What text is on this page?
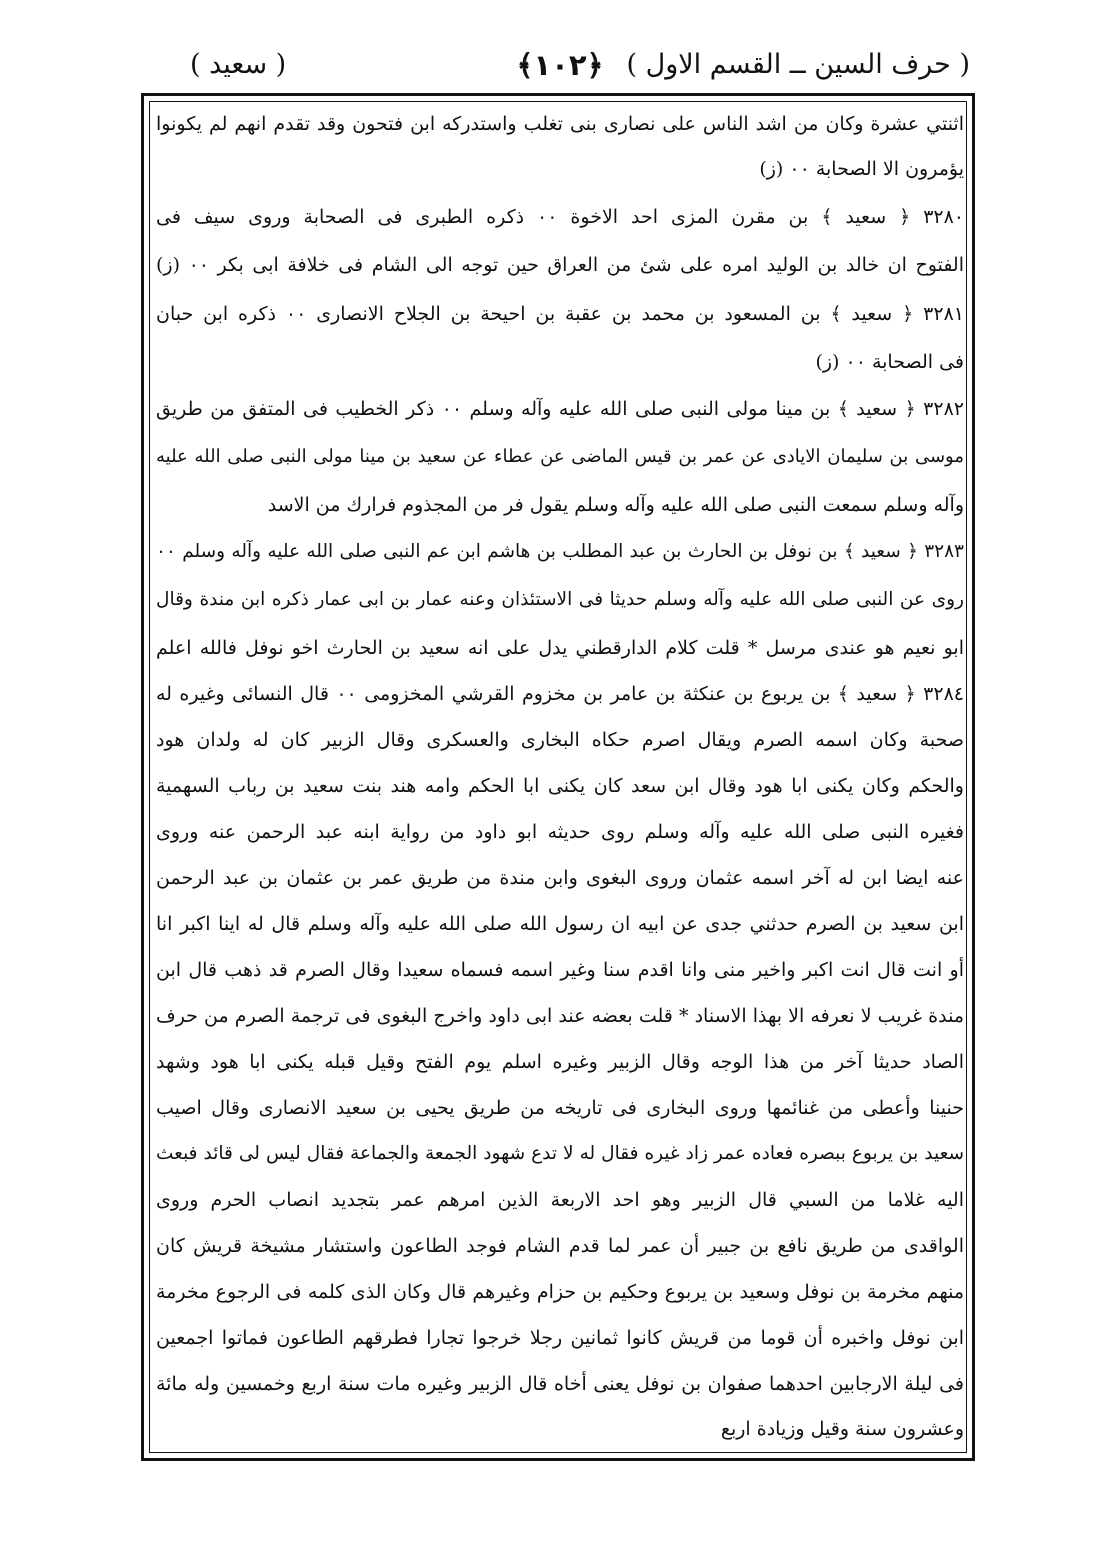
( حرف السين ــ القسم الاول )
﴿١٠٢﴾
( سعيد )
اثنتي عشرة وكان من اشد الناس على نصارى بنى تغلب واستدركه ابن فتحون وقد تقدم انهم لم يكونوا
يؤمرون الا الصحابة ٠٠ (ز)
٣٢٨٠ ﴿ سعيد ﴾ بن مقرن المزى احد الاخوة ٠٠ ذكره الطبرى فى الصحابة وروى سيف فى
الفتوح ان خالد بن الوليد امره على شئ من العراق حين توجه الى الشام فى خلافة ابى بكر ٠٠ (ز)
٣٢٨١ ﴿ سعيد ﴾ بن المسعود بن محمد بن عقبة بن احيحة بن الجلاح الانصارى ٠٠ ذكره ابن حبان
فى الصحابة ٠٠ (ز)
٣٢٨٢ ﴿ سعيد ﴾ بن مينا مولى النبى صلى الله عليه وآله وسلم ٠٠ ذكر الخطيب فى المتفق من طريق
موسى بن سليمان الايادى عن عمر بن قيس الماضى عن عطاء عن سعيد بن مينا مولى النبى صلى الله عليه
وآله وسلم سمعت النبى صلى الله عليه وآله وسلم يقول فر من المجذوم فرارك من الاسد
٣٢٨٣ ﴿ سعيد ﴾ بن نوفل بن الحارث بن عبد المطلب بن هاشم ابن عم النبى صلى الله عليه وآله وسلم ٠٠
روى عن النبى صلى الله عليه وآله وسلم حديثا فى الاستئذان وعنه عمار بن ابى عمار ذكره ابن مندة وقال
ابو نعيم هو عندى مرسل * قلت كلام الدارقطني يدل على انه سعيد بن الحارث اخو نوفل فالله اعلم
٣٢٨٤ ﴿ سعيد ﴾ بن يربوع بن عنكثة بن عامر بن مخزوم القرشي المخزومى ٠٠ قال النسائى وغيره له
صحبة وكان اسمه الصرم ويقال اصرم حكاه البخارى والعسكرى وقال الزبير كان له ولدان هود
والحكم وكان يكنى ابا هود وقال ابن سعد كان يكنى ابا الحكم وامه هند بنت سعيد بن رباب السهمية
فغيره النبى صلى الله عليه وآله وسلم روى حديثه ابو داود من رواية ابنه عبد الرحمن عنه وروى
عنه ايضا ابن له آخر اسمه عثمان وروى البغوى وابن مندة من طريق عمر بن عثمان بن عبد الرحمن
ابن سعيد بن الصرم حدثني جدى عن ابيه ان رسول الله صلى الله عليه وآله وسلم قال له اينا اكبر انا
أو انت قال انت اكبر واخير منى وانا اقدم سنا وغير اسمه فسماه سعيدا وقال الصرم قد ذهب قال ابن
مندة غريب لا نعرفه الا بهذا الاسناد * قلت بعضه عند ابى داود واخرج البغوى فى ترجمة الصرم من حرف
الصاد حديثا آخر من هذا الوجه وقال الزبير وغيره اسلم يوم الفتح وقيل قبله يكنى ابا هود وشهد
حنينا وأعطى من غنائمها وروى البخارى فى تاريخه من طريق يحيى بن سعيد الانصارى وقال اصيب
سعيد بن يربوع ببصره فعاده عمر زاد غيره فقال له لا تدع شهود الجمعة والجماعة فقال ليس لى قائد فبعث
اليه غلاما من السبي قال الزبير وهو احد الاربعة الذين امرهم عمر بتجديد انصاب الحرم وروى
الواقدى من طريق نافع بن جبير أن عمر لما قدم الشام فوجد الطاعون واستشار مشيخة قريش كان
منهم مخرمة بن نوفل وسعيد بن يربوع وحكيم بن حزام وغيرهم قال وكان الذى كلمه فى الرجوع مخرمة
ابن نوفل واخبره أن قوما من قريش كانوا ثمانين رجلا خرجوا تجارا فطرقهم الطاعون فماتوا اجمعين
فى ليلة الارجابين احدهما صفوان بن نوفل يعنى أخاه قال الزبير وغيره مات سنة اربع وخمسين وله مائة
وعشرون سنة وقيل وزيادة اربع
